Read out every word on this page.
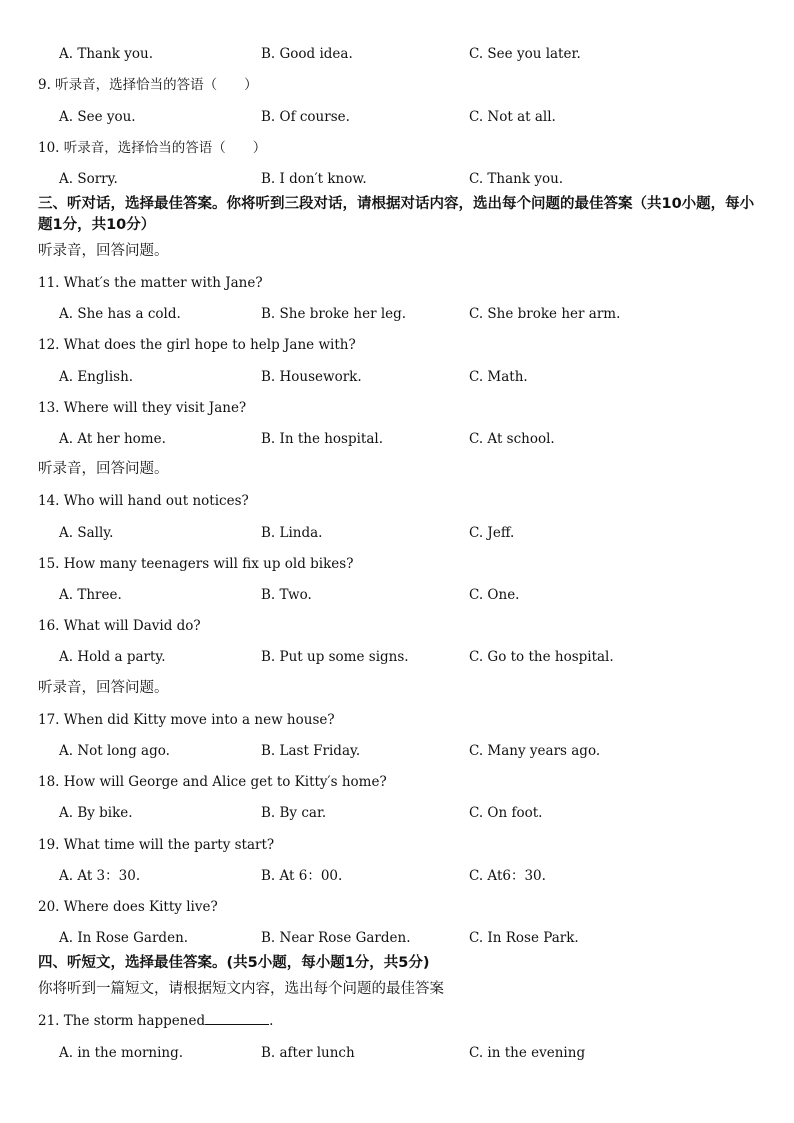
A. Thank you.	B. Good idea.	C. See you later.
9. 听录音，选择恰当的答语（　　）
A. See you.	B. Of course.	C. Not at all.
10. 听录音，选择恰当的答语（　　）
A. Sorry.	B. I don′t know.	C. Thank you.
三、听对话，选择最佳答案。你将听到三段对话，请根据对话内容，选出每个问题的最佳答案（共10小题，每小题1分，共10分）
听录音，回答问题。
11. What′s the matter with Jane?
A. She has a cold.	B. She broke her leg.	C. She broke her arm.
12. What does the girl hope to help Jane with?
A. English.	B. Housework.	C. Math.
13. Where will they visit Jane?
A. At her home.	B. In the hospital.	C. At school.
听录音，回答问题。
14. Who will hand out notices?
A. Sally.	B. Linda.	C. Jeff.
15. How many teenagers will fix up old bikes?
A. Three.	B. Two.	C. One.
16. What will David do?
A. Hold a party.	B. Put up some signs.	C. Go to the hospital.
听录音，回答问题。
17. When did Kitty move into a new house?
A. Not long ago.	B. Last Friday.	C. Many years ago.
18. How will George and Alice get to Kitty′s home?
A. By bike.	B. By car.	C. On foot.
19. What time will the party start?
A. At 3：30.	B. At 6：00.	C. At6：30.
20. Where does Kitty live?
A. In Rose Garden.	B. Near Rose Garden.	C. In Rose Park.
四、听短文，选择最佳答案。(共5小题，每小题1分，共5分)
你将听到一篇短文，请根据短文内容，选出每个问题的最佳答案
21. The storm happened	.
A. in the morning.	B. after lunch	C. in the evening
